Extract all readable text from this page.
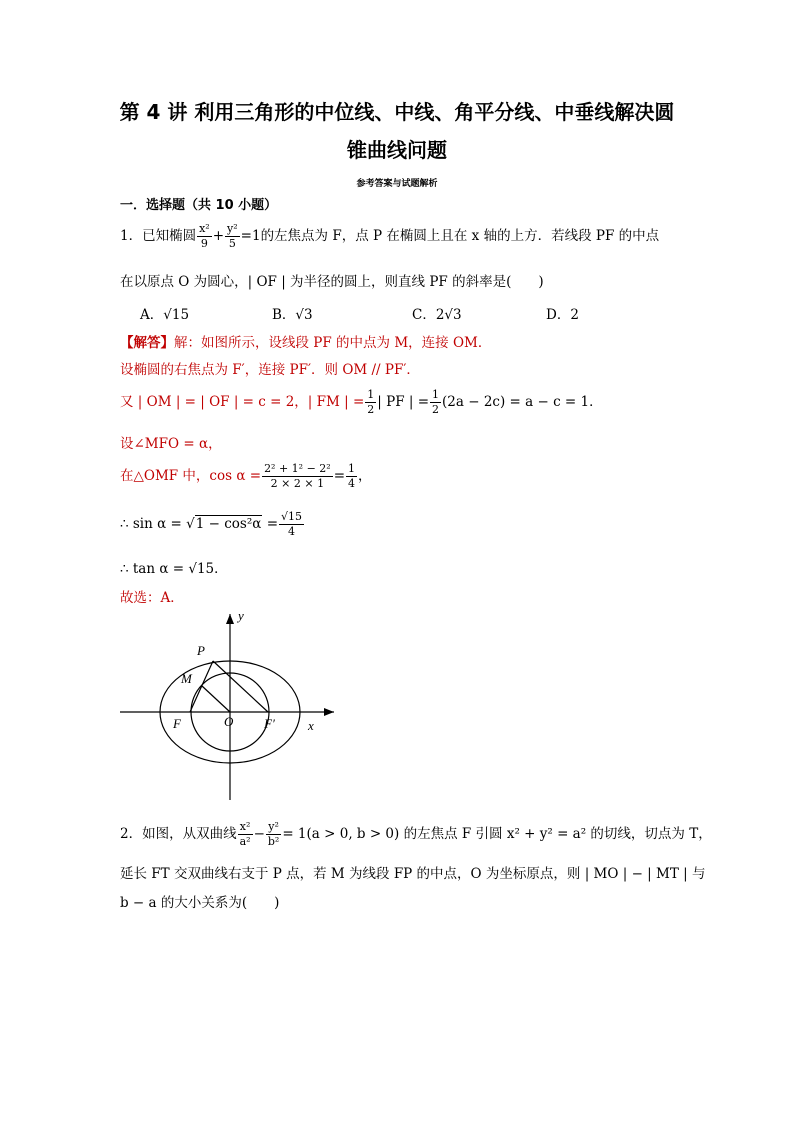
第 4 讲 利用三角形的中位线、中线、角平分线、中垂线解决圆
锥曲线问题
参考答案与试题解析
一．选择题（共 10 小题）
1．已知椭圆 $\frac{\text{x²}}{9} + \frac{\text{y²}}{5} =1$的左焦点为 F，点 P 在椭圆上且在 x 轴的上方．若线段 PF 的中点
在以原点 O 为圆心，| OF | 为半径的圆上，则直线 PF 的斜率是(　　)
A．√15	B．√3	C．2√3	D．2
【解答】解：如图所示，设线段 PF 的中点为 M，连接 OM．
设椭圆的右焦点为 F′，连接 PF′．则 OM // PF′．
又 | OM | = | OF | = c = 2，| FM | = $\frac{1}{2}$ | PF | = $\frac{1}{2} (2a - 2c) = a - c = 1$．
设∠MFO = α，
在△OMF 中，$\cos \alpha = \frac{\text{2² + 1² − 2²}}{2 \times 2 \times 1} = \frac{1}{4}$ ，
∴ $\sin \alpha = √1 - \cos^2\alpha = \frac{√15}{4}$
∴ tan α = √15．
故选：A．
y
x
P
M
F	O F′
2．如图，从双曲线 $\frac{\text{x²}}{\text{a²}} - \frac{\text{y²}}{\text{b²}} = 1(a > 0$, b > 0) 的左焦点 F 引圆 x² + y² = a² 的切线，切点为 T，
延长 FT 交双曲线右支于 P 点，若 M 为线段 FP 的中点，O 为坐标原点，则 | MO | − | MT | 与
b − a 的大小关系为(　　)
